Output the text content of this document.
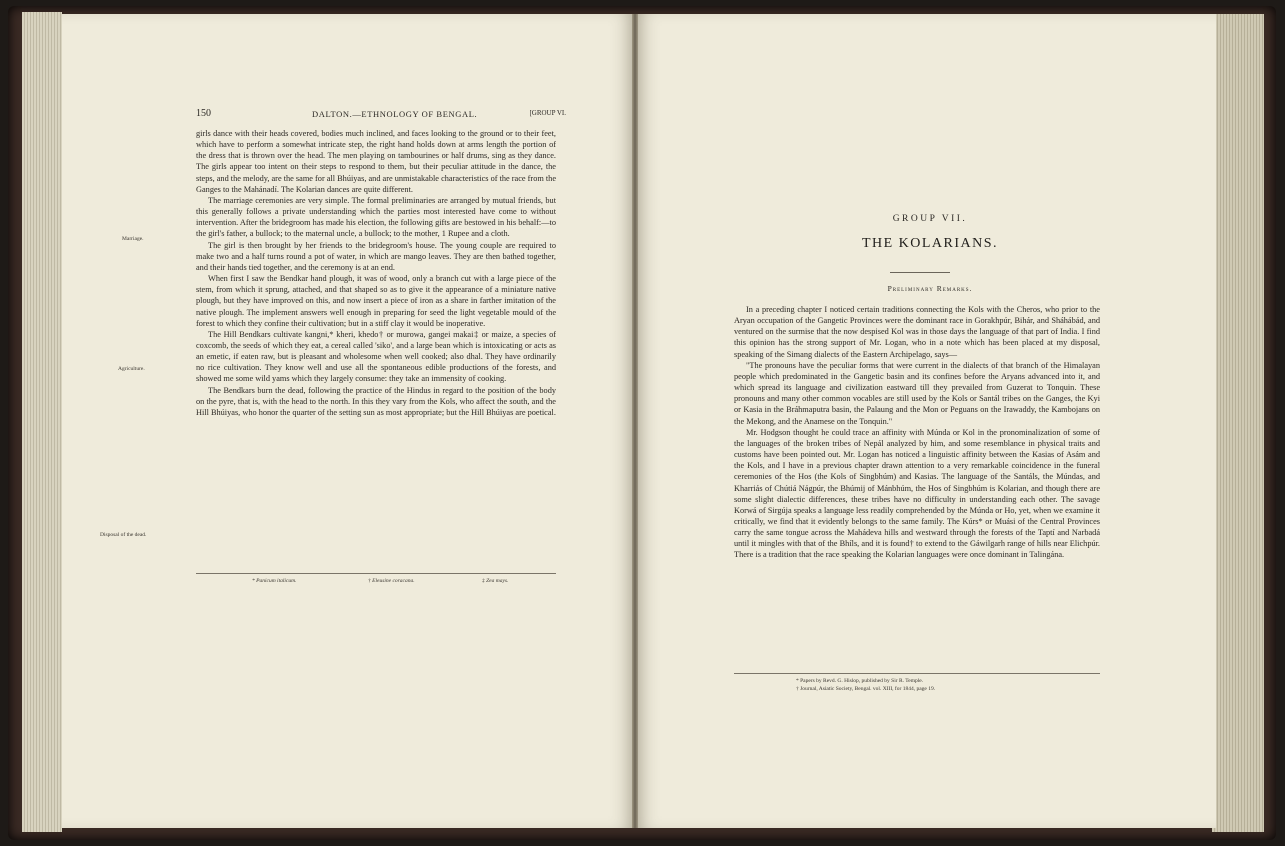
150	DALTON.—ETHNOLOGY OF BENGAL.	[GROUP VI.

girls dance with their heads covered, bodies much inclined, and faces looking to the ground or to their feet, which have to perform a somewhat intricate step, the right hand holds down at arms length the portion of the dress that is thrown over the head. The men playing on tambourines or half drums, sing as they dance. The girls appear too intent on their steps to respond to them, but their peculiar attitude in the dance, the steps, and the melody, are the same for all Bhúiyas, and are unmistakable characteristics of the race from the Ganges to the Mahánadí. The Kolarian dances are quite different.

The marriage ceremonies are very simple. The formal preliminaries are arranged by mutual friends, but this generally follows a private understanding which the parties most interested have come to without intervention. After the bridegroom has made his election, the following gifts are bestowed in his behalf:—to the girl's father, a bullock; to the maternal uncle, a bullock; to the mother, 1 Rupee and a cloth.

The girl is then brought by her friends to the bridegroom's house. The young couple are required to make two and a half turns round a pot of water, in which are mango leaves. They are then bathed together, and their hands tied together, and the ceremony is at an end.

When first I saw the Bendkar hand plough, it was of wood, only a branch cut with a large piece of the stem, from which it sprung, attached, and that shaped so as to give it the appearance of a miniature native plough, but they have improved on this, and now insert a piece of iron as a share in farther imitation of the native plough. The implement answers well enough in preparing for seed the light vegetable mould of the forest to which they confine their cultivation; but in a stiff clay it would be inoperative.

The Hill Bendkars cultivate kangni,* kheri, khedo† or murowa, gangei makai‡ or maize, a species of coxcomb, the seeds of which they eat, a cereal called 'siko', and a large bean which is intoxicating or acts as an emetic, if eaten raw, but is pleasant and wholesome when well cooked; also dhal. They have ordinarily no rice cultivation. They know well and use all the spontaneous edible productions of the forests, and showed me some wild yams which they largely consume: they take an immensity of cooking.

The Bendkars burn the dead, following the practice of the Hindus in regard to the position of the body on the pyre, that is, with the head to the north. In this they vary from the Kols, who affect the south, and the Hill Bhúiyas, who honor the quarter of the setting sun as most appropriate; but the Hill Bhúiyas are poetical.

Marriage.
Agriculture.
Disposal of the dead.
* Panicum italicum.	† Eleusine coracana.	‡ Zea mays.
GROUP VII.
THE KOLARIANS.
Preliminary Remarks.

In a preceding chapter I noticed certain traditions connecting the Kols with the Cheros, who prior to the Aryan occupation of the Gangetic Provinces were the dominant race in Gorakhpúr, Bihár, and Sháhábád, and ventured on the surmise that the now despised Kol was in those days the language of that part of India. I find this opinion has the strong support of Mr. Logan, who in a note which has been placed at my disposal, speaking of the Simang dialects of the Eastern Archipelago, says—

"The pronouns have the peculiar forms that were current in the dialects of that branch of the Himalayan people which predominated in the Gangetic basin and its confines before the Aryans advanced into it, and which spread its language and civilization eastward till they prevailed from Guzerat to Tonquin. These pronouns and many other common vocables are still used by the Kols or Santál tribes on the Ganges, the Kyi or Kasia in the Bráhmaputra basin, the Palaung and the Mon or Peguans on the Irawaddy, the Kambojans on the Mekong, and the Anamese on the Tonquin."

Mr. Hodgson thought he could trace an affinity with Múnda or Kol in the pronominalization of some of the languages of the broken tribes of Nepál analyzed by him, and some resemblance in physical traits and customs have been pointed out. Mr. Logan has noticed a linguistic affinity between the Kasias of Asám and the Kols, and I have in a previous chapter drawn attention to a very remarkable coincidence in the funeral ceremonies of the Hos (the Kols of Singbhúm) and Kasias. The language of the Santáls, the Múndas, and Kharriás of Chútiá Nágpúr, the Bhúmij of Mánbhúm, the Hos of Singbhúm is Kolarian, and though there are some slight dialectic differences, these tribes have no difficulty in understanding each other. The savage Korwá of Sirgúja speaks a language less readily comprehended by the Múnda or Ho, yet, when we examine it critically, we find that it evidently belongs to the same family. The Kúrs* or Muási of the Central Provinces carry the same tongue across the Mahádeva hills and westward through the forests of the Taptí and Narbadá until it mingles with that of the Bhíls, and it is found† to extend to the Gáwilgarh range of hills near Elichpúr. There is a tradition that the race speaking the Kolarian languages were once dominant in Talingána.

* Papers by Revd. G. Hislop, published by Sir R. Temple.
† Journal, Asiatic Society, Bengal. vol. XIII, for 1844, page 19.
